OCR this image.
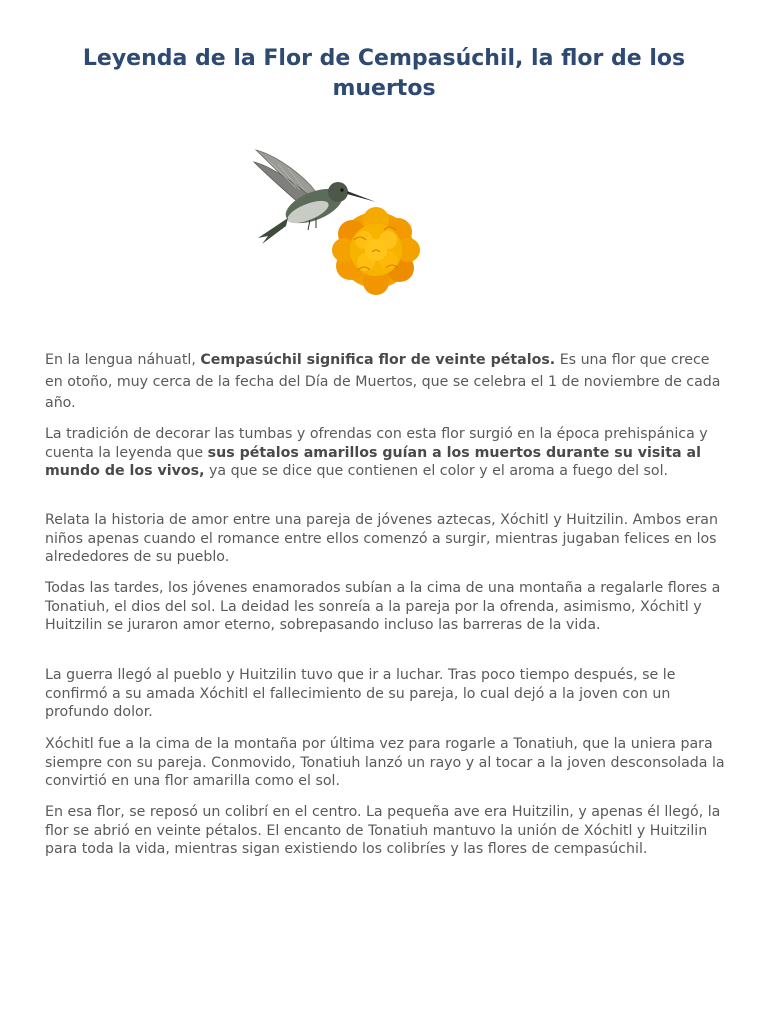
Leyenda de la Flor de Cempasúchil, la flor de los muertos

En la lengua náhuatl, Cempasúchil significa flor de veinte pétalos. Es una flor que crece en otoño, muy cerca de la fecha del Día de Muertos, que se celebra el 1 de noviembre de cada año.

La tradición de decorar las tumbas y ofrendas con esta flor surgió en la época prehispánica y cuenta la leyenda que sus pétalos amarillos guían a los muertos durante su visita al mundo de los vivos, ya que se dice que contienen el color y el aroma a fuego del sol.

Relata la historia de amor entre una pareja de jóvenes aztecas, Xóchitl y Huitzilin. Ambos eran niños apenas cuando el romance entre ellos comenzó a surgir, mientras jugaban felices en los alrededores de su pueblo.

Todas las tardes, los jóvenes enamorados subían a la cima de una montaña a regalarle flores a Tonatiuh, el dios del sol. La deidad les sonreía a la pareja por la ofrenda, asimismo, Xóchitl y Huitzilin se juraron amor eterno, sobrepasando incluso las barreras de la vida.

La guerra llegó al pueblo y Huitzilin tuvo que ir a luchar. Tras poco tiempo después, se le confirmó a su amada Xóchitl el fallecimiento de su pareja, lo cual dejó a la joven con un profundo dolor.

Xóchitl fue a la cima de la montaña por última vez para rogarle a Tonatiuh, que la uniera para siempre con su pareja. Conmovido, Tonatiuh lanzó un rayo y al tocar a la joven desconsolada la convirtió en una flor amarilla como el sol.

En esa flor, se reposó un colibrí en el centro. La pequeña ave era Huitzilin, y apenas él llegó, la flor se abrió en veinte pétalos. El encanto de Tonatiuh mantuvo la unión de Xóchitl y Huitzilin para toda la vida, mientras sigan existiendo los colibríes y las flores de cempasúchil.
